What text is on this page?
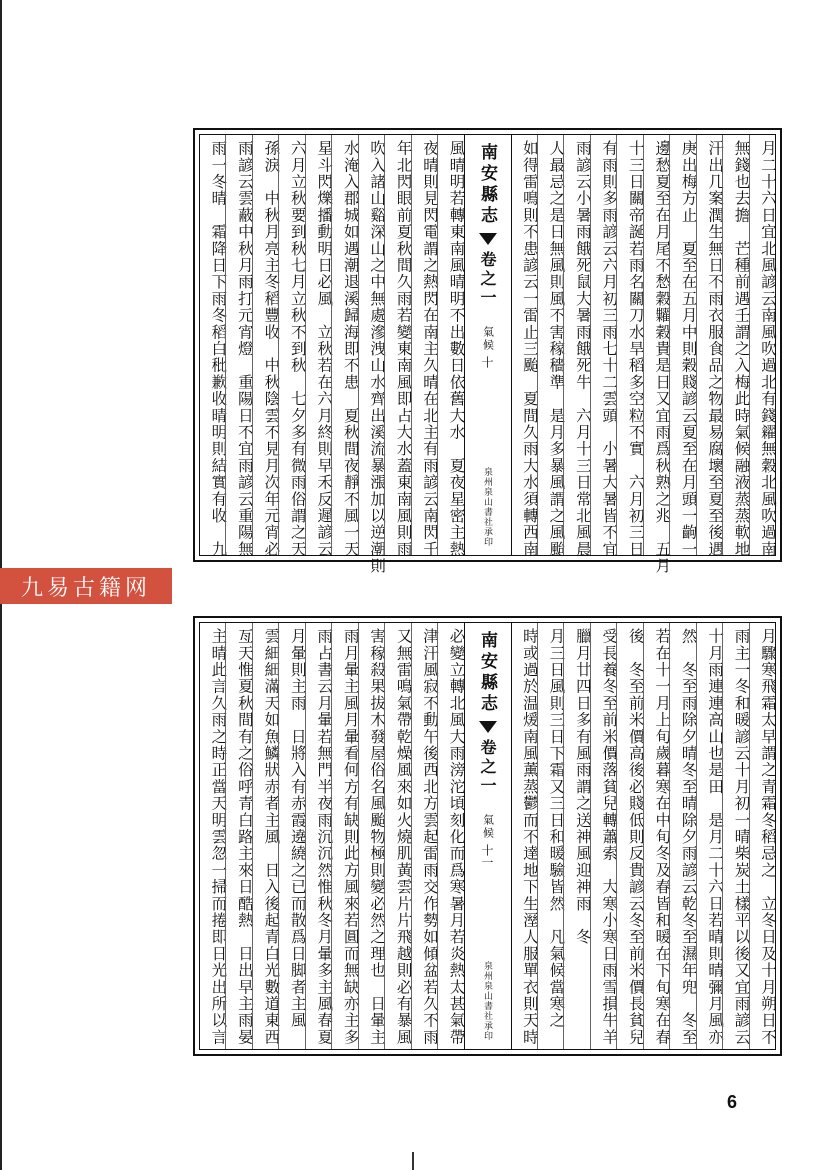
月二十六日宜北風諺云南風吹過北有錢糴無穀北風吹過南
無錢也去擔　芒種前遇壬謂之入梅此時氣候融液蒸蒸軟地
汗出几案潤生無日不雨衣服食品之物最易腐壞至夏至後遇
庚出梅方止　夏至在五月中則穀賤諺云夏至在月頭一齣一
邊愁夏至在月尾不愁穀糶穀貴是日又宜雨爲秋熟之兆　五月
十三日關帝誕若雨名關刀水旱稻多空粒不實　六月初三日
有雨則多雨諺云六月初三雨七十二雲頭　小暑大暑皆不宜
雨諺云小暑雨餓死鼠大暑雨餓死牛　六月十三日常北風晨
人最忌之是日無風則風不害稼穡準　是月多暴風謂之風颱
如得雷鳴則不患諺云一雷止三颱　夏間久雨大水須轉西南
南安縣志
卷之一
氣候
十
泉州泉山書社承印
風晴明若轉東南風晴明不出數日依舊大水　夏夜星密主熱
夜晴則見閃電謂之熱閃在南主久晴在北主有雨諺云南閃千
年北閃眼前夏秋間久雨若變東南風即占大水蓋東南風則雨
吹入諸山谿深山之中無處滲洩山水齊出溪流暴漲加以逆潮則
水淹入郡城如遇潮退溪歸海即不患　夏秋間夜靜不風一天
星斗閃爍播動明日必風　立秋若在六月終則早禾反遲諺云
六月立秋要到秋七月立秋不到秋　七夕多有微雨俗謂之天
孫淚　中秋月亮主冬稻豐收　中秋陰雲不見月次年元宵必
雨諺云雲蔽中秋月雨打元宵燈　重陽日不宜雨諺云重陽無
雨一冬晴　霜降日下雨冬稻白秕歉收晴明則結實有收　九
九易古籍网
月驟寒飛霜太早謂之青霜冬稻忌之　立冬日及十月朔日不
雨主一冬和暖諺云十月初一晴柴炭土樣平以後又宜雨諺云
十月雨連連高山也是田　是月二十六日若晴則晴彌月風亦
然　冬至雨除夕晴冬至晴除夕雨諺云乾冬至濕年兜　冬至
若在十一月上旬歲暮寒在中旬冬及春皆和暖在下旬寒在春
後　冬至前米價高後必賤低則反貴諺云冬至前米價長貧兒
受長養冬至前米價落貧兒轉蕭索　大寒小寒日雨雪損牛羊
臘月廿四日多有風雨謂之送神風迎神雨　冬
月三日風則三日下霜又三日和暖驗皆然　凡氣候當寒之
時或過於温煖南風薰蒸鬱而不達地下生溼人服單衣則天時
南安縣志
卷之一
氣候
十一
泉州泉山書社承印
必變立轉北風大雨滂沱頃刻化而爲寒暑月若炎熱太甚氣帶
津汗風寂不動午後西北方雲起雷雨交作勢如傾盆若久不雨
又無雷鳴氣帶乾燥風來如火燒肌黃雲片片飛越則必有暴風
害稼殺果拔木發屋俗名風颱物極則變必然之理也　日暈主
雨月暈主風月暈看何方有缺則此方風來若圓而無缺亦主多
雨占書云月暈若無門半夜雨沉沉然惟秋冬月暈多主風春夏
月暈則主雨　日將入有赤霞遶繞之已而散爲日脚者主風
雲細細滿天如魚鱗狀赤者主風　日入後起青白光數道東西
亙天惟夏秋間有之俗呼青白路主來日酷熱　日出早主雨晏
主晴此言久雨之時正當天明雲忽一掃而捲即日光出所以言
6
